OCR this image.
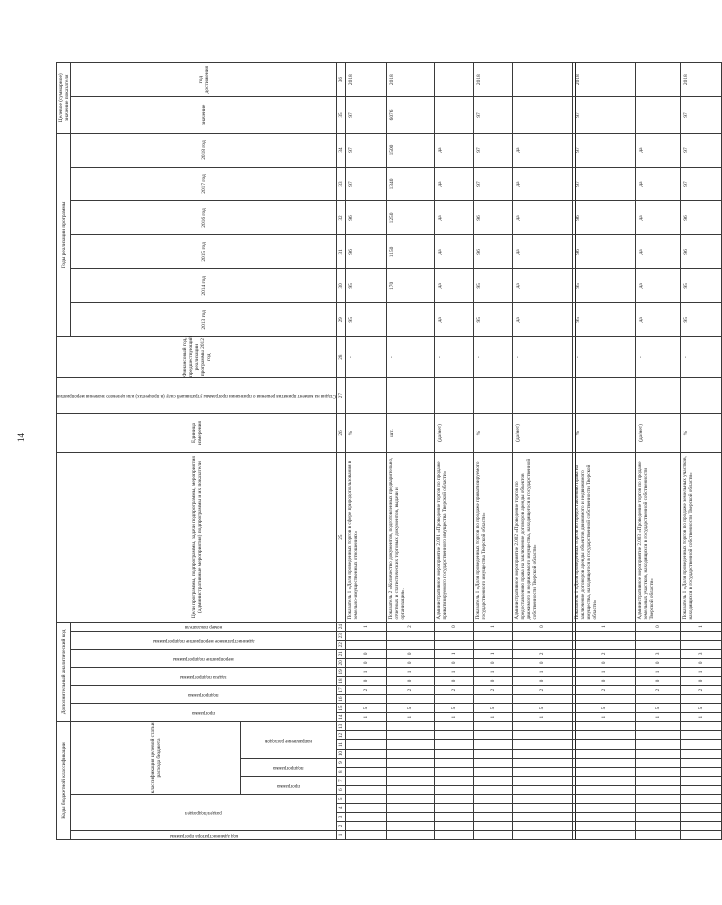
14
Коды бюджетной классификации													Дополнительный аналитический код											Цели программы, подпрограммы, задачи подпрограммы, мероприятия (административные мероприятия) подпрограммы и их показатели	Единица измерения	Стадия на момент принятия решения о признании программы утратившей силу (в процентах) или целевого значения мероприятия	Финансовый год, предшествующий реализации программы 2012 год	Годы реализации программы						Целевое (суммарное) значение показателя	

код администратора программы	раздел/подраздел				классификация целевой статьи расхода бюджета								программа		подпрограмма		задача подпрограммы		мероприятие подпрограммы		административное мероприятие подпрограммы		номер показателя					2013 год	2014 год	2015 год	2016 год	2017 год	2018 год	значение	год достижения

					программа		подпрограмма		направление расходов																										

1	2	3	4	5	6	7	8	9	10	11	12	13	14	15	16	17	18	19	20	21	22	23	24	25	26	27	28	29	30	31	32	33	34	35	36
													1	5		2	0	1	0	0			1	Показатель 1 «Доля проведенных торгов в сфере природопользования в земельно-имущественных отношениях»	%		-	95	95	96	96	97	97	97	2018
													1	5		2	0	1	0	0			2	Показатель 2 «Количество документов, подготовленных предварительно, отчетных и статистических торговых документов, выдачи и организация».	шт.		-		170	1150	1250	1340	1500	6076	2018
													1	5		2	0	1	0	1			0	Административное мероприятие 2.001 «Проведение торгов по продаже приватизируемого государственного имущества Тверской области»	(да/нет)		-	да	да	да	да	да	да		
													1	5		2	0	1	0	1			1	Показатель 1 «Доля проведенных торгов по продаже приватизируемого государственного имущества Тверской области»	%		-	95	95	96	96	97	97	97	2018
													1	5		2	0	1	0	2			0	Административное мероприятие 2.002 «Проведение торгов по предоставлению права на заключение договоров аренды объектов движимого и недвижимого имущества, находящегося в государственной собственности Тверской области»	(да/нет)		-	да	да	да	да	да	да		
													1	5		2	0	1	0	2			1	Показатель 1 «Доля проведенных торгов по предоставлению права на заключение договоров аренды объектов движимого и недвижимого имущества, находящегося в государственной собственности Тверской области»	%		-	95	95	96	96	97	97	97	2018
													1	5		2	0	1	0	3			0	Административное мероприятие 2.003 «Проведение торгов по продаже земельных участков, находящихся в государственной собственности Тверской области»	(да/нет)		-	да	да	да	да	да	да		
													1	5		2	0	1	0	3			1	Показатель 1 «Доля проведенных торгов по продаже земельных участков, находящихся в государственной собственности Тверской области»	%		-	95	95	96	96	97	97	97	2018
